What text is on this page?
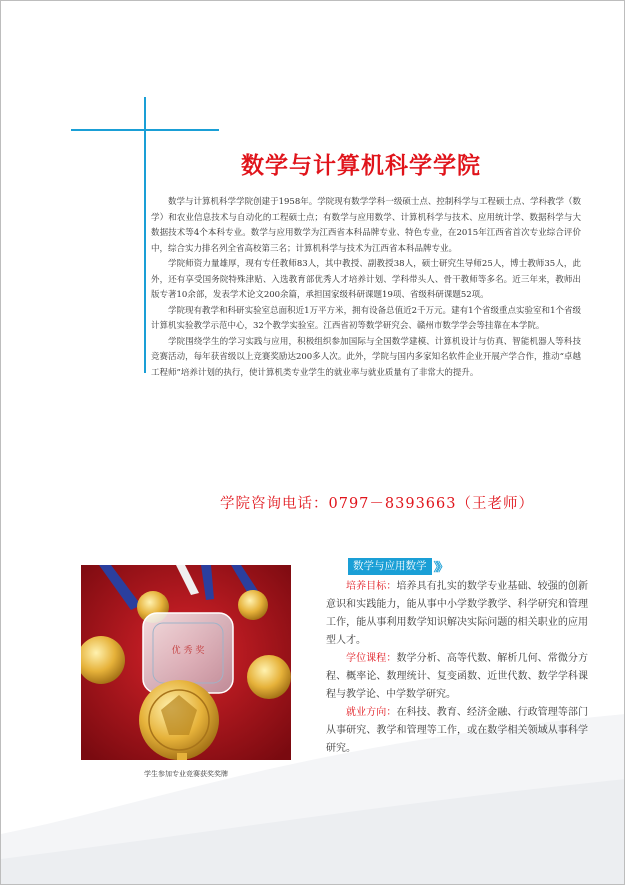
数学与计算机科学学院

数学与计算机科学学院创建于1958年。学院现有数学学科一级硕士点、控制科学与工程硕士点、学科教学（数学）和农业信息技术与自动化的工程硕士点；有数学与应用数学、计算机科学与技术、应用统计学、数据科学与大数据技术等4个本科专业。数学与应用数学为江西省本科品牌专业、特色专业，在2015年江西省首次专业综合评价中，综合实力排名列全省高校第三名；计算机科学与技术为江西省本科品牌专业。

学院师资力量雄厚，现有专任教师83人，其中教授、副教授38人，硕士研究生导师25人，博士教师35人，此外，还有享受国务院特殊津贴、入选教育部优秀人才培养计划、学科带头人、骨干教师等多名。近三年来，教师出版专著10余部，发表学术论文200余篇，承担国家级科研课题19项、省级科研课题52项。

学院现有教学和科研实验室总面积近1万平方米，拥有设备总值近2千万元。建有1个省级重点实验室和1个省级计算机实验教学示范中心，32个教学实验室。江西省初等数学研究会、赣州市数学学会等挂靠在本学院。

学院围绕学生的学习实践与应用，积极组织参加国际与全国数学建模、计算机设计与仿真、智能机器人等科技竞赛活动，每年获省级以上竞赛奖励达200多人次。此外，学院与国内多家知名软件企业开展产学合作，推动“卓越工程师”培养计划的执行，使计算机类专业学生的就业率与就业质量有了非常大的提升。

学院咨询电话：0797－8393663（王老师）
优 秀 奖
学生参加专业竞赛获奖奖牌
数学与应用数学 》》

培养目标：培养具有扎实的数学专业基础、较强的创新意识和实践能力，能从事中小学数学教学、科学研究和管理工作，能从事利用数学知识解决实际问题的相关职业的应用型人才。

学位课程：数学分析、高等代数、解析几何、常微分方程、概率论、数理统计、复变函数、近世代数、数学学科课程与教学论、中学数学研究。

就业方向：在科技、教育、经济金融、行政管理等部门从事研究、教学和管理等工作，或在数学相关领域从事科学研究。
